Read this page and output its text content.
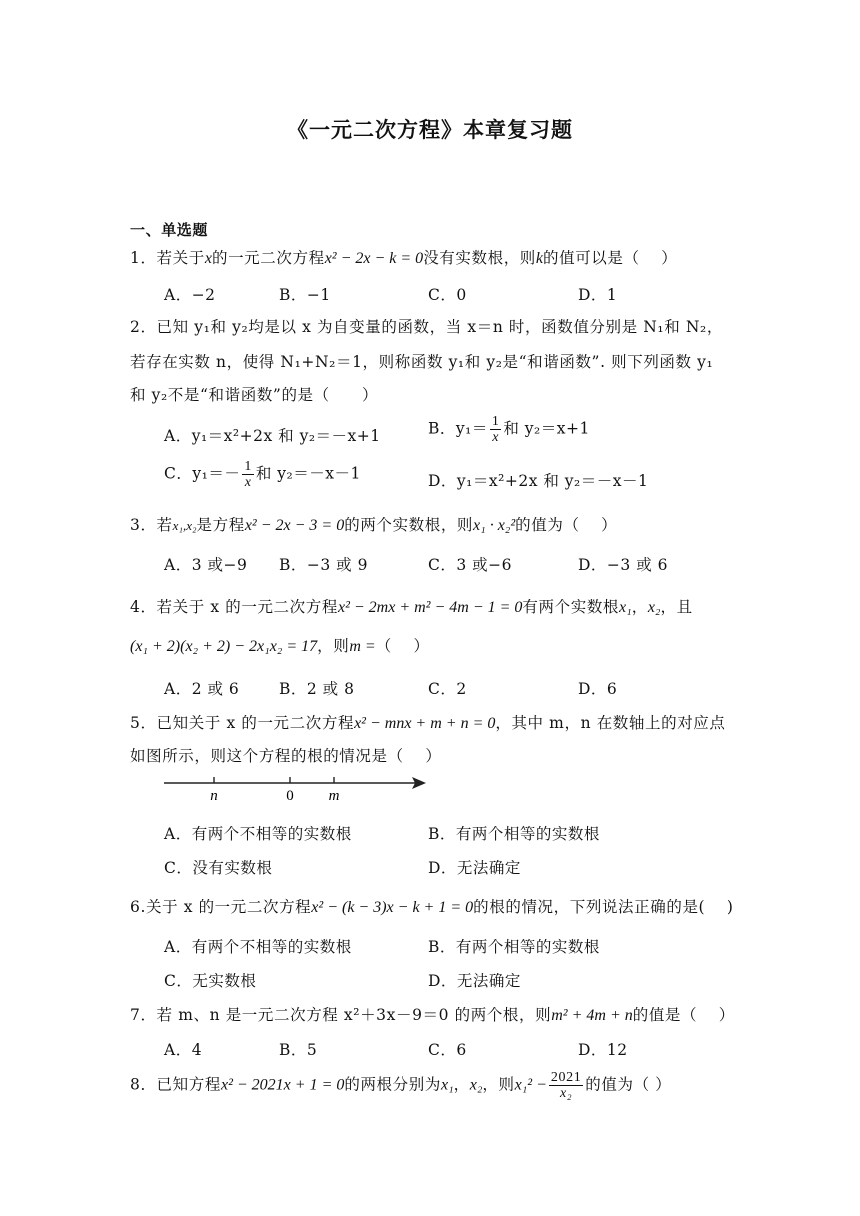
《一元二次方程》本章复习题
一、单选题
1．若关于x的一元二次方程x² − 2x − k = 0没有实数根，则k的值可以是（　 ）
A．−2	B．−1	C．0	D．1
2．已知 y₁和 y₂均是以 x 为自变量的函数，当 x＝n 时，函数值分别是 N₁和 N₂，
若存在实数 n，使得 N₁+N₂＝1，则称函数 y₁和 y₂是“和谐函数”. 则下列函数 y₁
和 y₂不是“和谐函数”的是（　　）
A．y₁＝x²+2x 和 y₂＝－x+1	B．$y_1= \frac{1}{x}$ 和 y₂＝x+1
C．$y_1=- \frac{1}{x}$ 和 y₂＝－x－1	D．y₁＝x²+2x 和 y₂＝－x－1
3．若x₁,x₂是方程x² − 2x − 3 = 0的两个实数根，则x₁ · x₂²的值为（　 ）
A．3 或−9 B．−3 或 9	C．3 或−6	D．−3 或 6
4．若关于 x 的一元二次方程x² − 2mx + m² − 4m − 1 = 0有两个实数根x₁，x₂，且
(x₁ + 2)(x₂ + 2) − 2x₁x₂ = 17，则m =（　 ）
A．2 或 6	B．2 或 8	C．2	D．6
5．已知关于 x 的一元二次方程x² − mnx + m + n = 0，其中 m，n 在数轴上的对应点
如图所示，则这个方程的根的情况是（　 ）
n	0 m
A．有两个不相等的实数根	B．有两个相等的实数根
C．没有实数根	D．无法确定
6.关于 x 的一元二次方程x² − (k − 3)x − k + 1 = 0的根的情况，下列说法正确的是(　 )
A．有两个不相等的实数根	B．有两个相等的实数根
C．无实数根	D．无法确定
7．若 m、n 是一元二次方程 x²＋3x－9＝0 的两个根，则m² + 4m + n的值是（　 ）
A．4	B．5	C．6	D．12
8．已知方程x² − 2021x + 1 = 0的两根分别为x₁，x₂，则$x_1^2 - \frac{2021}{\text{x₂}}$ 的值为（ ）
